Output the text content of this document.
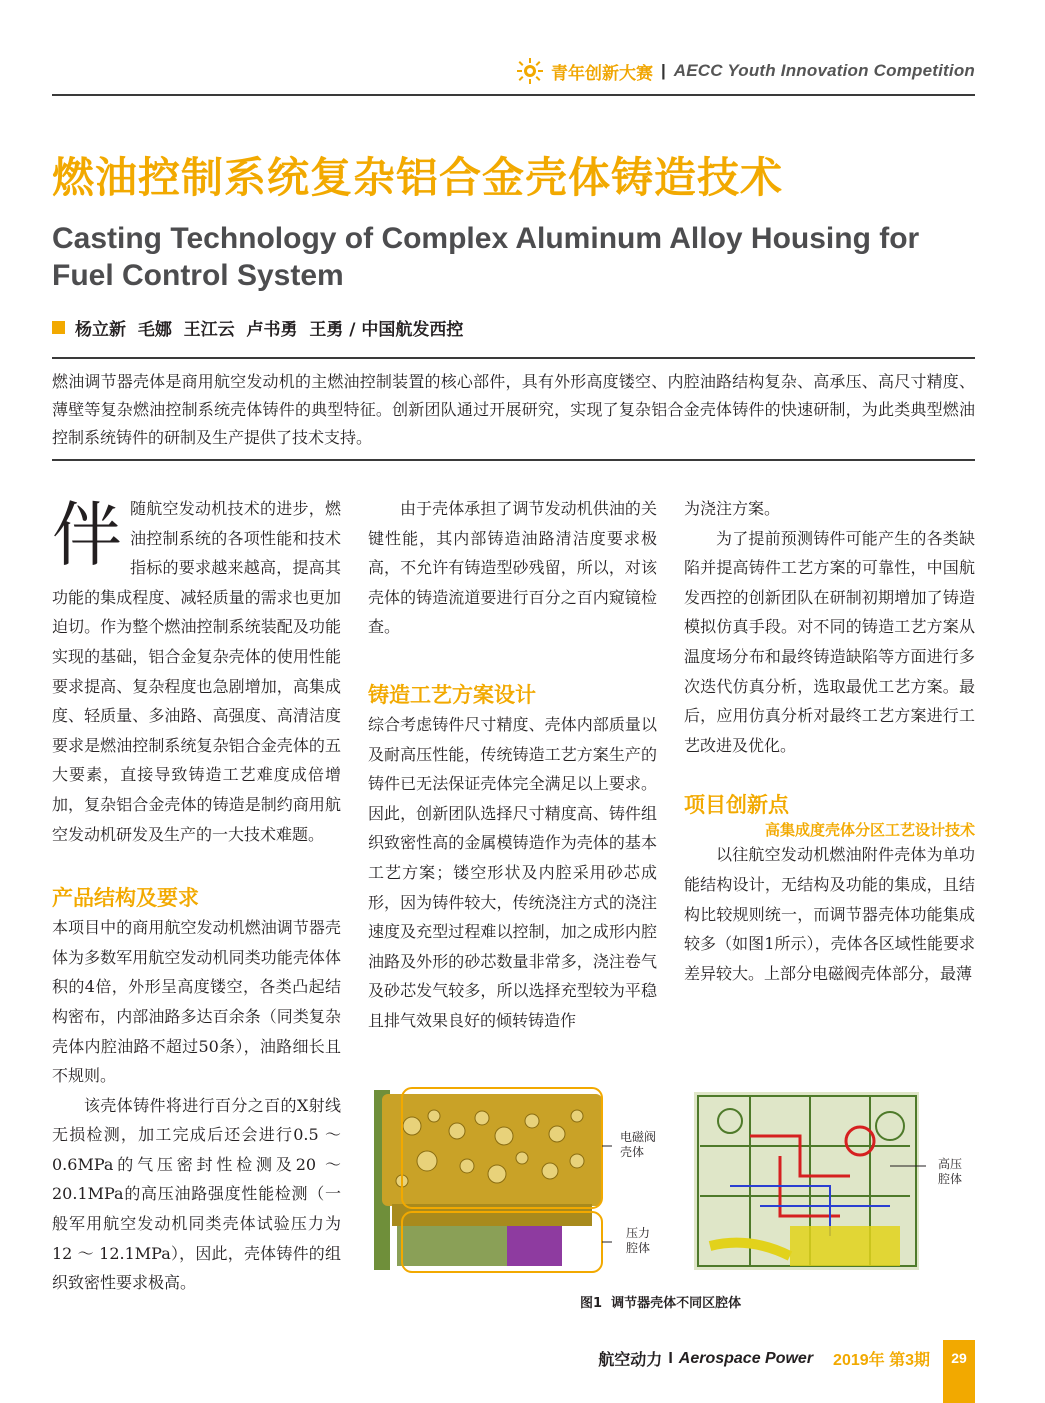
青年创新大赛 | AECC Youth Innovation Competition
燃油控制系统复杂铝合金壳体铸造技术
Casting Technology of Complex Aluminum Alloy Housing for Fuel Control System
杨立新  毛娜  王江云  卢书勇  王勇 / 中国航发西控
燃油调节器壳体是商用航空发动机的主燃油控制装置的核心部件，具有外形高度镂空、内腔油路结构复杂、高承压、高尺寸精度、薄壁等复杂燃油控制系统壳体铸件的典型特征。创新团队通过开展研究，实现了复杂铝合金壳体铸件的快速研制，为此类典型燃油控制系统铸件的研制及生产提供了技术支持。

伴随航空发动机技术的进步，燃油控制系统的各项性能和技术指标的要求越来越高，提高其功能的集成程度、减轻质量的需求也更加迫切。作为整个燃油控制系统装配及功能实现的基础，铝合金复杂壳体的使用性能要求提高、复杂程度也急剧增加，高集成度、轻质量、多油路、高强度、高清洁度要求是燃油控制系统复杂铝合金壳体的五大要素，直接导致铸造工艺难度成倍增加，复杂铝合金壳体的铸造是制约商用航空发动机研发及生产的一大技术难题。

产品结构及要求

本项目中的商用航空发动机燃油调节器壳体为多数军用航空发动机同类功能壳体体积的4倍，外形呈高度镂空，各类凸起结构密布，内部油路多达百余条（同类复杂壳体内腔油路不超过50条），油路细长且不规则。

该壳体铸件将进行百分之百的X射线无损检测，加工完成后还会进行0.5 ～ 0.6MPa的气压密封性检测及20 ～ 20.1MPa的高压油路强度性能检测（一般军用航空发动机同类壳体试验压力为12 ～ 12.1MPa），因此，壳体铸件的组织致密性要求极高。

由于壳体承担了调节发动机供油的关键性能，其内部铸造油路清洁度要求极高，不允许有铸造型砂残留，所以，对该壳体的铸造流道要进行百分之百内窥镜检查。

铸造工艺方案设计

综合考虑铸件尺寸精度、壳体内部质量以及耐高压性能，传统铸造工艺方案生产的铸件已无法保证壳体完全满足以上要求。因此，创新团队选择尺寸精度高、铸件组织致密性高的金属模铸造作为壳体的基本工艺方案；镂空形状及内腔采用砂芯成形，因为铸件较大，传统浇注方式的浇注速度及充型过程难以控制，加之成形内腔油路及外形的砂芯数量非常多，浇注卷气及砂芯发气较多，所以选择充型较为平稳且排气效果良好的倾转铸造作

为浇注方案。

为了提前预测铸件可能产生的各类缺陷并提高铸件工艺方案的可靠性，中国航发西控的创新团队在研制初期增加了铸造模拟仿真手段。对不同的铸造工艺方案从温度场分布和最终铸造缺陷等方面进行多次迭代仿真分析，选取最优工艺方案。最后，应用仿真分析对最终工艺方案进行工艺改进及优化。

项目创新点
高集成度壳体分区工艺设计技术

以往航空发动机燃油附件壳体为单功能结构设计，无结构及功能的集成，且结构比较规则统一，而调节器壳体功能集成较多（如图1所示），壳体各区域性能要求差异较大。上部分电磁阀壳体部分，最薄

电磁阀
壳体
压力
腔体
高压
腔体
图1  调节器壳体不同区腔体
航空动力 I Aerospace Power 2019年 第3期	29
